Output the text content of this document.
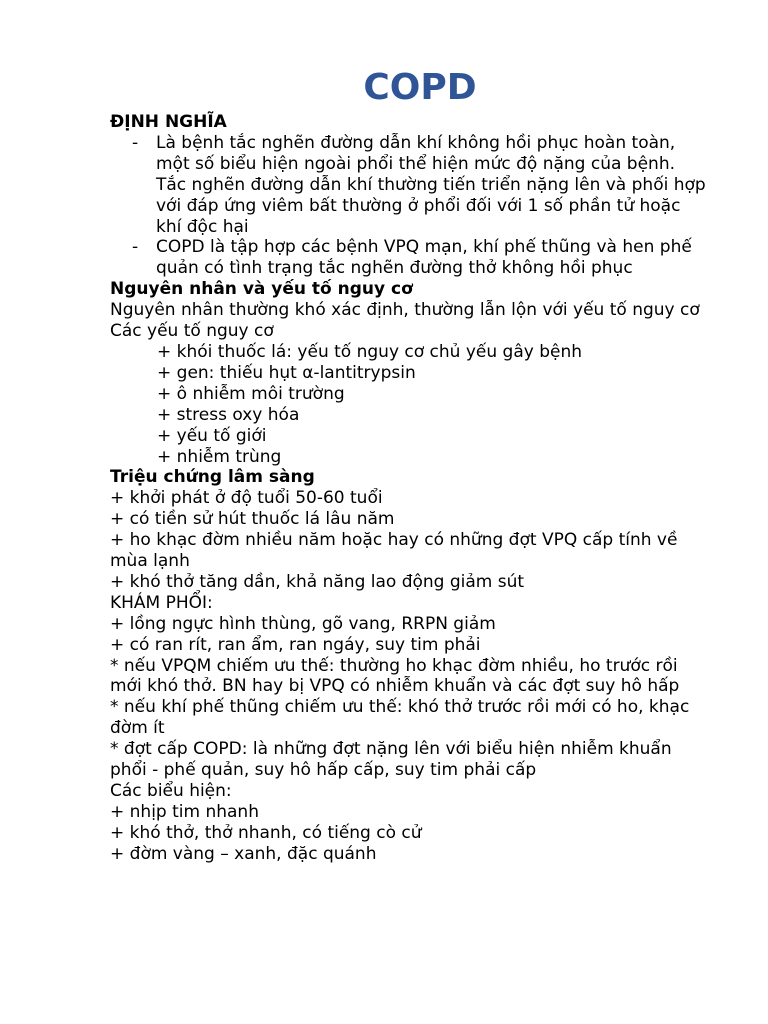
COPD

ĐỊNH NGHĨA

- Là bệnh tắc nghẽn đường dẫn khí không hồi phục hoàn toàn, một số biểu hiện ngoài phổi thể hiện mức độ nặng của bệnh. Tắc nghẽn đường dẫn khí thường tiến triển nặng lên và phối hợp với đáp ứng viêm bất thường ở phổi đối với 1 số phần tử hoặc khí độc hại
- COPD là tập hợp các bệnh VPQ mạn, khí phế thũng và hen phế quản có tình trạng tắc nghẽn đường thở không hồi phục

Nguyên nhân và yếu tố nguy cơ

Nguyên nhân thường khó xác định, thường lẫn lộn với yếu tố nguy cơ

Các yếu tố nguy cơ

+ khói thuốc lá: yếu tố nguy cơ chủ yếu gây bệnh
+ gen: thiếu hụt α-lantitrypsin
+ ô nhiễm môi trường
+ stress oxy hóa
+ yếu tố giới
+ nhiễm trùng

Triệu chứng lâm sàng

+ khởi phát ở độ tuổi 50-60 tuổi
+ có tiền sử hút thuốc lá lâu năm
+ ho khạc đờm nhiều năm hoặc hay có những đợt VPQ cấp tính về mùa lạnh
+ khó thở tăng dần, khả năng lao động giảm sút
KHÁM PHỔI:
+ lồng ngực hình thùng, gõ vang, RRPN giảm
+ có ran rít, ran ẩm, ran ngáy, suy tim phải
* nếu VPQM chiếm ưu thế: thường ho khạc đờm nhiều, ho trước rồi mới khó thở. BN hay bị VPQ có nhiễm khuẩn và các đợt suy hô hấp
* nếu khí phế thũng chiếm ưu thế: khó thở trước rồi mới có ho, khạc đờm ít
* đợt cấp COPD: là những đợt nặng lên với biểu hiện nhiễm khuẩn phổi - phế quản, suy hô hấp cấp, suy tim phải cấp
Các biểu hiện:
+ nhịp tim nhanh
+ khó thở, thở nhanh, có tiếng cò cử
+ đờm vàng – xanh, đặc quánh
